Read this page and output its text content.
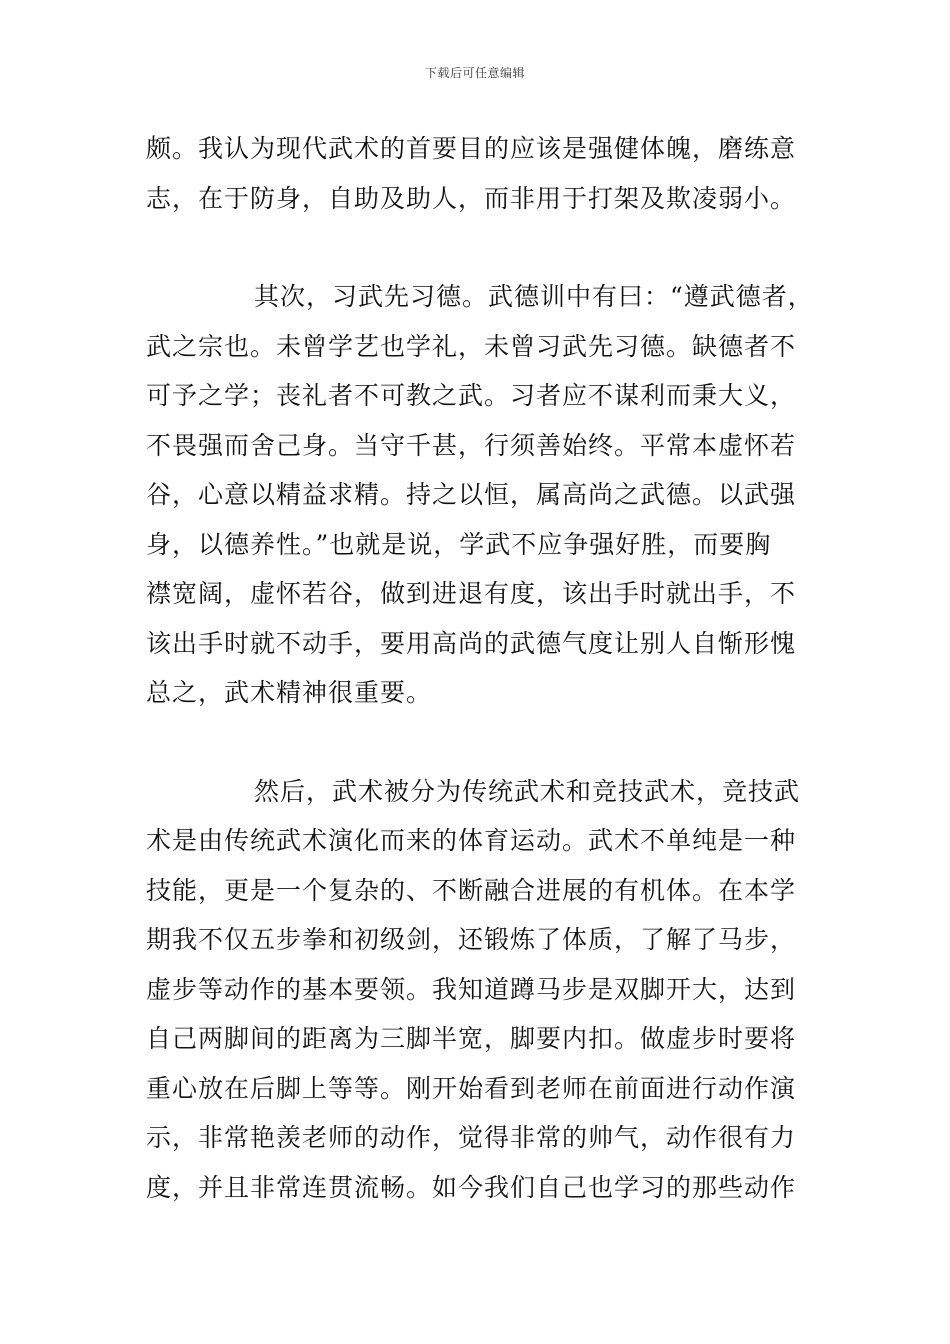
下载后可任意编辑
颇。我认为现代武术的首要目的应该是强健体魄，磨练意
志，在于防身，自助及助人，而非用于打架及欺凌弱小。
其次，习武先习德。武德训中有曰：“遵武德者，
武之宗也。未曾学艺也学礼，未曾习武先习德。缺德者不
可予之学；丧礼者不可教之武。习者应不谋利而秉大义，
不畏强而舍己身。当守千甚，行须善始终。平常本虚怀若
谷，心意以精益求精。持之以恒，属高尚之武德。以武强
身，以德养性。”也就是说，学武不应争强好胜，而要胸
襟宽阔，虚怀若谷，做到进退有度，该出手时就出手，不
该出手时就不动手，要用高尚的武德气度让别人自惭形愧
总之，武术精神很重要。
然后，武术被分为传统武术和竞技武术，竞技武
术是由传统武术演化而来的体育运动。武术不单纯是一种
技能，更是一个复杂的、不断融合进展的有机体。在本学
期我不仅五步拳和初级剑，还锻炼了体质，了解了马步，
虚步等动作的基本要领。我知道蹲马步是双脚开大，达到
自己两脚间的距离为三脚半宽，脚要内扣。做虚步时要将
重心放在后脚上等等。刚开始看到老师在前面进行动作演
示，非常艳羡老师的动作，觉得非常的帅气，动作很有力
度，并且非常连贯流畅。如今我们自己也学习的那些动作
